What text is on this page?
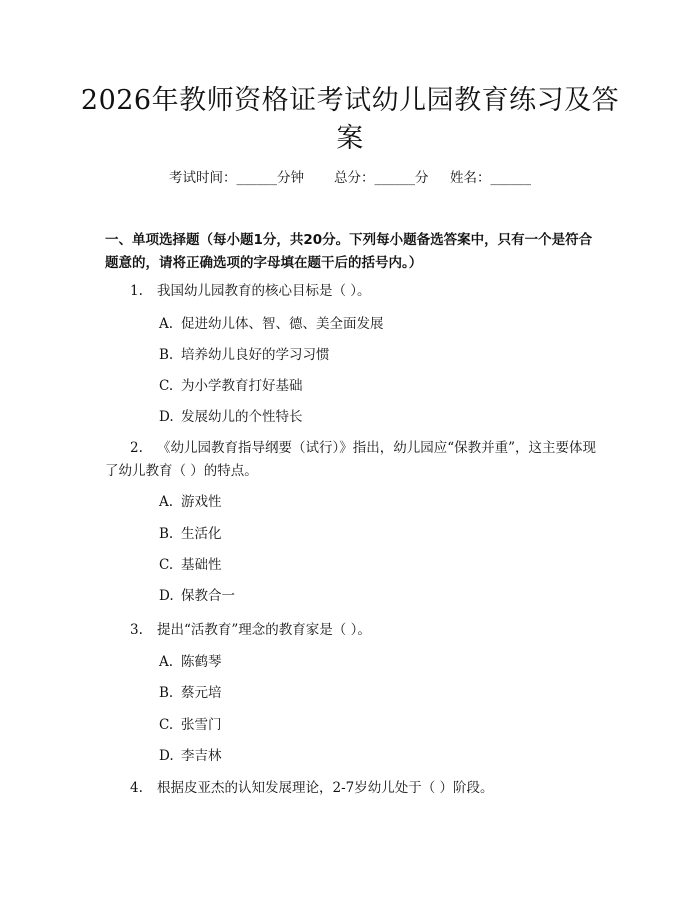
2026年教师资格证考试幼儿园教育练习及答案
考试时间：______分钟 总分：______分 姓名：______

一、单项选择题（每小题1分，共20分。下列每小题备选答案中，只有一个是符合题意的，请将正确选项的字母填在题干后的括号内。）

1. 我国幼儿园教育的核心目标是（ ）。

A. 促进幼儿体、智、德、美全面发展

B. 培养幼儿良好的学习习惯

C. 为小学教育打好基础

D. 发展幼儿的个性特长

2. 《幼儿园教育指导纲要（试行）》指出，幼儿园应“保教并重”，这主要体现了幼儿教育（ ）的特点。

A. 游戏性

B. 生活化

C. 基础性

D. 保教合一

3. 提出“活教育”理念的教育家是（ ）。

A. 陈鹤琴

B. 蔡元培

C. 张雪门

D. 李吉林

4. 根据皮亚杰的认知发展理论，2-7岁幼儿处于（ ）阶段。
